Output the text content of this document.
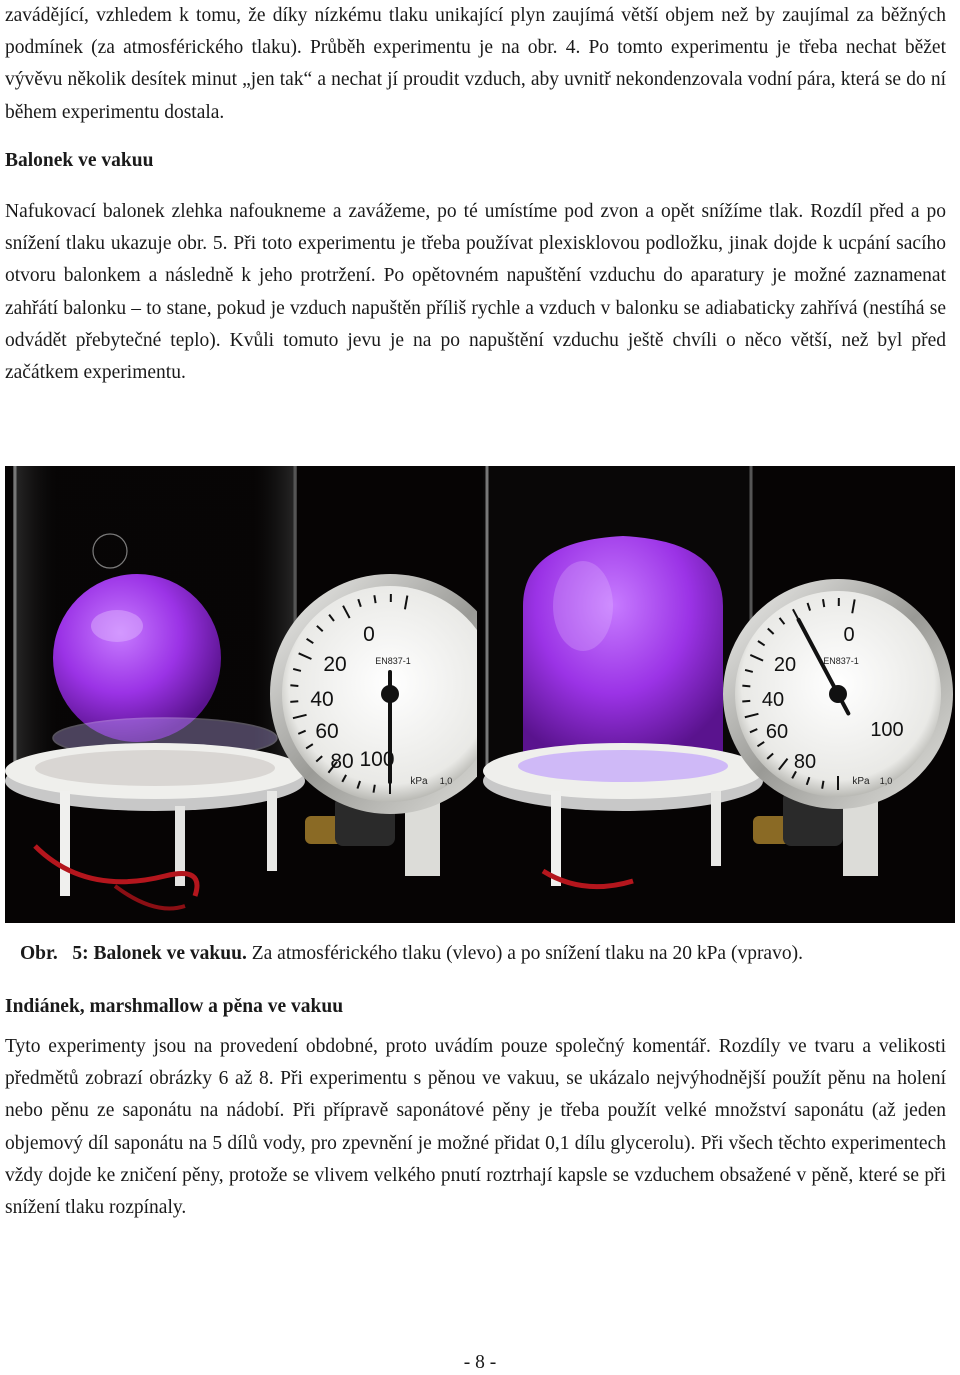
zavádějící, vzhledem k tomu, že díky nízkému tlaku unikající plyn zaujímá větší objem než by zaujímal za běžných podmínek (za atmosférického tlaku). Průběh experimentu je na obr. 4. Po tomto experimentu je třeba nechat běžet vývěvu několik desítek minut „jen tak“ a nechat jí proudit vzduch, aby uvnitř nekondenzovala vodní pára, která se do ní během experimentu dostala.

Balonek ve vakuu

Nafukovací balonek zlehka nafoukneme a zavážeme, po té umístíme pod zvon a opět snížíme tlak. Rozdíl před a po snížení tlaku ukazuje obr. 5. Při toto experimentu je třeba používat plexisklovou podložku, jinak dojde k ucpání sacího otvoru balonkem a následně k jeho protržení. Po opětovném napuštění vzduchu do aparatury je možné zaznamenat zahřátí balonku – to stane, pokud je vzduch napuštěn příliš rychle a vzduch v balonku se adiabaticky zahřívá (nestíhá se odvádět přebytečné teplo). Kvůli tomuto jevu je na po napuštění vzduchu ještě chvíli o něco větší, než byl před začátkem experimentu.

0
20
40
60
80 100
EN837-1
kPa 1,0
0
20
40
60
80
100
EN837-1
kPa 1,0

Obr. 5: Balonek ve vakuu. Za atmosférického tlaku (vlevo) a po snížení tlaku na 20 kPa (vpravo).

Indiánek, marshmallow a pěna ve vakuu

Tyto experimenty jsou na provedení obdobné, proto uvádím pouze společný komentář. Rozdíly ve tvaru a velikosti předmětů zobrazí obrázky 6 až 8. Při experimentu s pěnou ve vakuu, se ukázalo nejvýhodnější použít pěnu na holení nebo pěnu ze saponátu na nádobí. Při přípravě saponátové pěny je třeba použít velké množství saponátu (až jeden objemový díl saponátu na 5 dílů vody, pro zpevnění je možné přidat 0,1 dílu glycerolu). Při všech těchto experimentech vždy dojde ke zničení pěny, protože se vlivem velkého pnutí roztrhají kapsle se vzduchem obsažené v pěně, které se při snížení tlaku rozpínaly.

- 8 -
